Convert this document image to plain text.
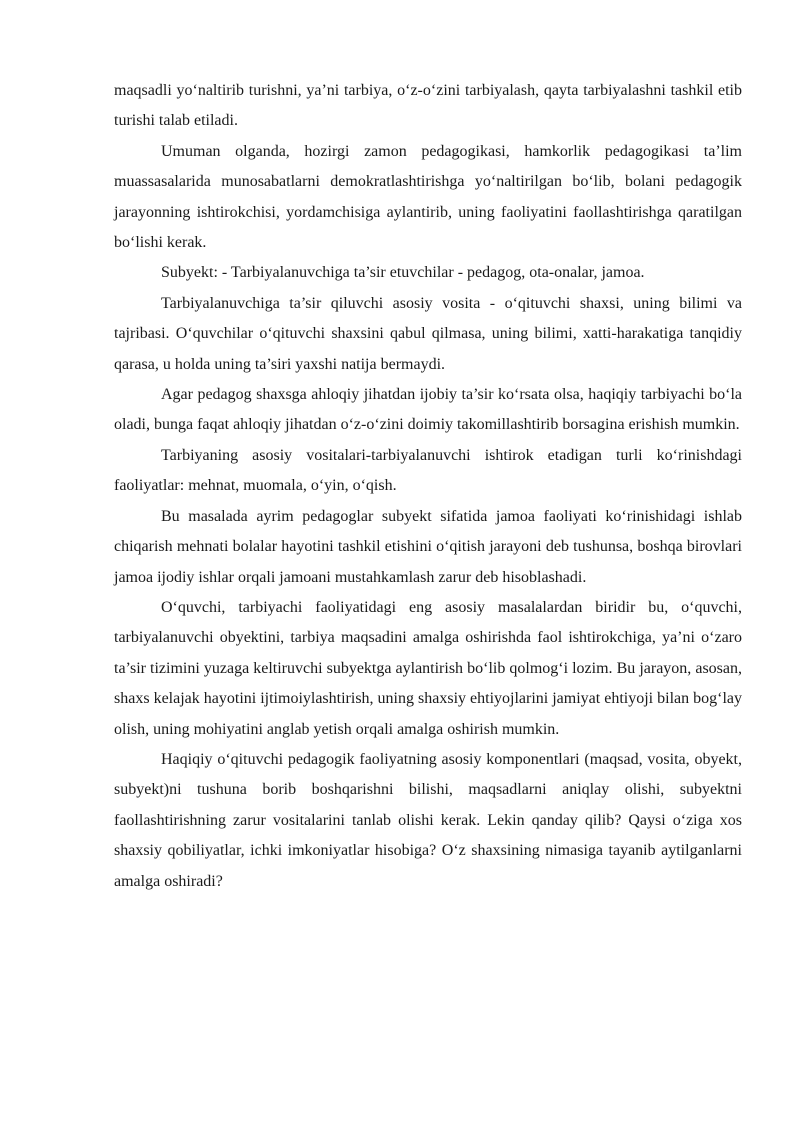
maqsadli yo‘naltirib turishni, ya’ni tarbiya, o‘z-o‘zini tarbiyalash, qayta tarbiyalashni tashkil etib turishi talab etiladi.

Umuman olganda, hozirgi zamon pedagogikasi, hamkorlik pedagogikasi ta’lim muassasalarida munosabatlarni demokratlashtirishga yo‘naltirilgan bo‘lib, bolani pedagogik jarayonning ishtirokchisi, yordamchisiga aylantirib, uning faoliyatini faollashtirishga qaratilgan bo‘lishi kerak.

Subyekt: - Tarbiyalanuvchiga ta’sir etuvchilar - pedagog, ota-onalar, jamoa.

Tarbiyalanuvchiga ta’sir qiluvchi asosiy vosita - o‘qituvchi shaxsi, uning bilimi va tajribasi. O‘quvchilar o‘qituvchi shaxsini qabul qilmasa, uning bilimi, xatti-harakatiga tanqidiy qarasa, u holda uning ta’siri yaxshi natija bermaydi.

Agar pedagog shaxsga ahloqiy jihatdan ijobiy ta’sir ko‘rsata olsa, haqiqiy tarbiyachi bo‘la oladi, bunga faqat ahloqiy jihatdan o‘z-o‘zini doimiy takomillashtirib borsagina erishish mumkin.

Tarbiyaning asosiy vositalari-tarbiyalanuvchi ishtirok etadigan turli ko‘rinishdagi faoliyatlar: mehnat, muomala, o‘yin, o‘qish.

Bu masalada ayrim pedagoglar subyekt sifatida jamoa faoliyati ko‘rinishidagi ishlab chiqarish mehnati bolalar hayotini tashkil etishini o‘qitish jarayoni deb tushunsa, boshqa birovlari jamoa ijodiy ishlar orqali jamoani mustahkamlash zarur deb hisoblashadi.

O‘quvchi, tarbiyachi faoliyatidagi eng asosiy masalalardan biridir bu, o‘quvchi, tarbiyalanuvchi obyektini, tarbiya maqsadini amalga oshirishda faol ishtirokchiga, ya’ni o‘zaro ta’sir tizimini yuzaga keltiruvchi subyektga aylantirish bo‘lib qolmog‘i lozim. Bu jarayon, asosan, shaxs kelajak hayotini ijtimoiylashtirish, uning shaxsiy ehtiyojlarini jamiyat ehtiyoji bilan bog‘lay olish, uning mohiyatini anglab yetish orqali amalga oshirish mumkin.

Haqiqiy o‘qituvchi pedagogik faoliyatning asosiy komponentlari (maqsad, vosita, obyekt, subyekt)ni tushuna borib boshqarishni bilishi, maqsadlarni aniqlay olishi, subyektni faollashtirishning zarur vositalarini tanlab olishi kerak. Lekin qanday qilib? Qaysi o‘ziga xos shaxsiy qobiliyatlar, ichki imkoniyatlar hisobiga? O‘z shaxsining nimasiga tayanib aytilganlarni amalga oshiradi?
